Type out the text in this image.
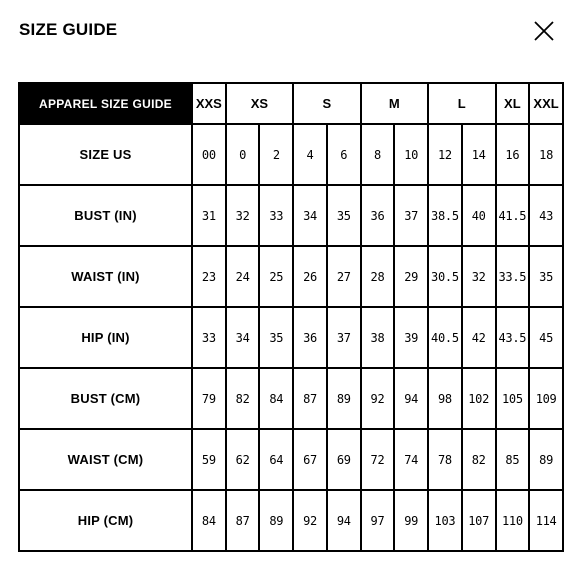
SIZE GUIDE
APPAREL SIZE GUIDE	XXS	XS		S		M		L		XL	XXL
SIZE US	00	0	2	4	6	8	10	12	14	16	18
BUST (IN)	31	32	33	34	35	36	37	38.5	40	41.5	43
WAIST (IN)	23	24	25	26	27	28	29	30.5	32	33.5	35
HIP (IN)	33	34	35	36	37	38	39	40.5	42	43.5	45
BUST (CM)	79	82	84	87	89	92	94	98	102	105	109
WAIST (CM)	59	62	64	67	69	72	74	78	82	85	89
HIP (CM)	84	87	89	92	94	97	99	103	107	110	114
